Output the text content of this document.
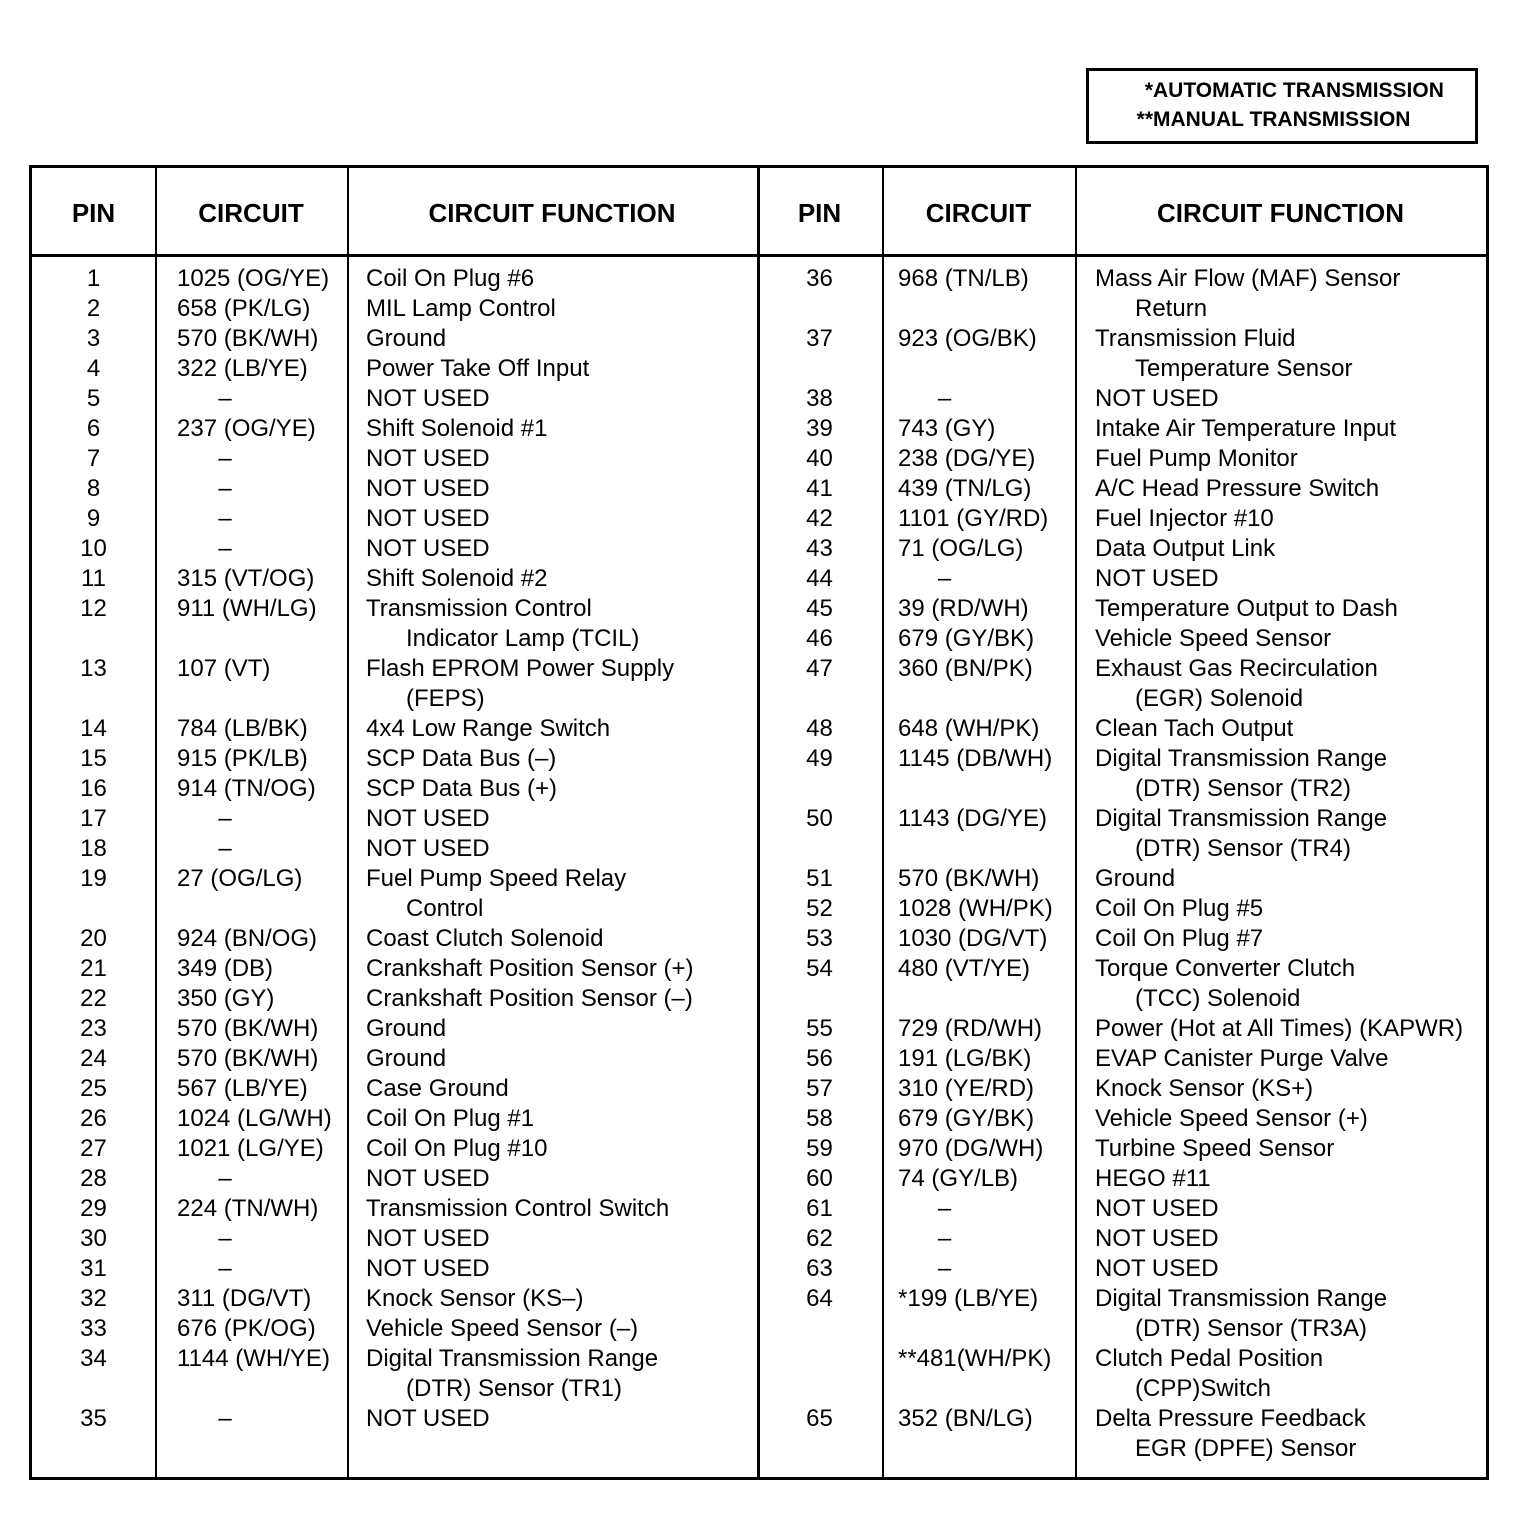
* AUTOMATIC TRANSMISSION
** MANUAL TRANSMISSION
PIN	CIRCUIT	CIRCUIT FUNCTION	PIN	CIRCUIT	CIRCUIT FUNCTION
1	1025 (OG/YE) Coil On Plug #6
2	658 (PK/LG) MIL Lamp Control
3	570 (BK/WH) Ground
4	322 (LB/YE) Power Take Off Input
5	–	NOT USED
6	237 (OG/YE) Shift Solenoid #1
7	–	NOT USED
8	–	NOT USED
9	–	NOT USED
10	–	NOT USED
11	315 (VT/OG) Shift Solenoid #2
12	911 (WH/LG) Transmission Control
Indicator Lamp (TCIL)
13	107 (VT)	Flash EPROM Power Supply
(FEPS)
14	784 (LB/BK) 4x4 Low Range Switch
15	915 (PK/LB) SCP Data Bus (–)
16	914 (TN/OG) SCP Data Bus (+)
17	–	NOT USED
18	–	NOT USED
19	27 (OG/LG)	Fuel Pump Speed Relay
Control
20	924 (BN/OG) Coast Clutch Solenoid
21	349 (DB)	Crankshaft Position Sensor (+)
22	350 (GY)	Crankshaft Position Sensor (–)
23	570 (BK/WH) Ground
24	570 (BK/WH) Ground
25	567 (LB/YE) Case Ground
26	1024 (LG/WH) Coil On Plug #1
27	1021 (LG/YE) Coil On Plug #10
28	–	NOT USED
29	224 (TN/WH) Transmission Control Switch
30	–	NOT USED
31	–	NOT USED
32	311 (DG/VT) Knock Sensor (KS–)
33	676 (PK/OG) Vehicle Speed Sensor (–)
34	1144 (WH/YE) Digital Transmission Range
(DTR) Sensor (TR1)
35	–	NOT USED
36	968 (TN/LB)	Mass Air Flow (MAF) Sensor
Return
37	923 (OG/BK) Transmission Fluid
Temperature Sensor
38	–	NOT USED
39	743 (GY)	Intake Air Temperature Input
40	238 (DG/YE) Fuel Pump Monitor
41	439 (TN/LG)	A/C Head Pressure Switch
42	1101 (GY/RD) Fuel Injector #10
43	71 (OG/LG)	Data Output Link
44	–	NOT USED
45	39 (RD/WH)	Temperature Output to Dash
46	679 (GY/BK)	Vehicle Speed Sensor
47	360 (BN/PK)	Exhaust Gas Recirculation
(EGR) Solenoid
48	648 (WH/PK) Clean Tach Output
49	1145 (DB/WH) Digital Transmission Range
(DTR) Sensor (TR2)
50	1143 (DG/YE) Digital Transmission Range
(DTR) Sensor (TR4)
51	570 (BK/WH) Ground
52	1028 (WH/PK) Coil On Plug #5
53	1030 (DG/VT) Coil On Plug #7
54	480 (VT/YE)	Torque Converter Clutch
(TCC) Solenoid
55	729 (RD/WH) Power (Hot at All Times) (KAPWR)
56	191 (LG/BK)	EVAP Canister Purge Valve
57	310 (YE/RD)	Knock Sensor (KS+)
58	679 (GY/BK)	Vehicle Speed Sensor (+)
59	970 (DG/WH) Turbine Speed Sensor
60	74 (GY/LB)	HEGO #11
61	–	NOT USED
62	–	NOT USED
63	–	NOT USED
64	*199 (LB/YE) Digital Transmission Range
(DTR) Sensor (TR3A)
**481(WH/PK) Clutch Pedal Position
(CPP)Switch
65	352 (BN/LG)	Delta Pressure Feedback
EGR (DPFE) Sensor
